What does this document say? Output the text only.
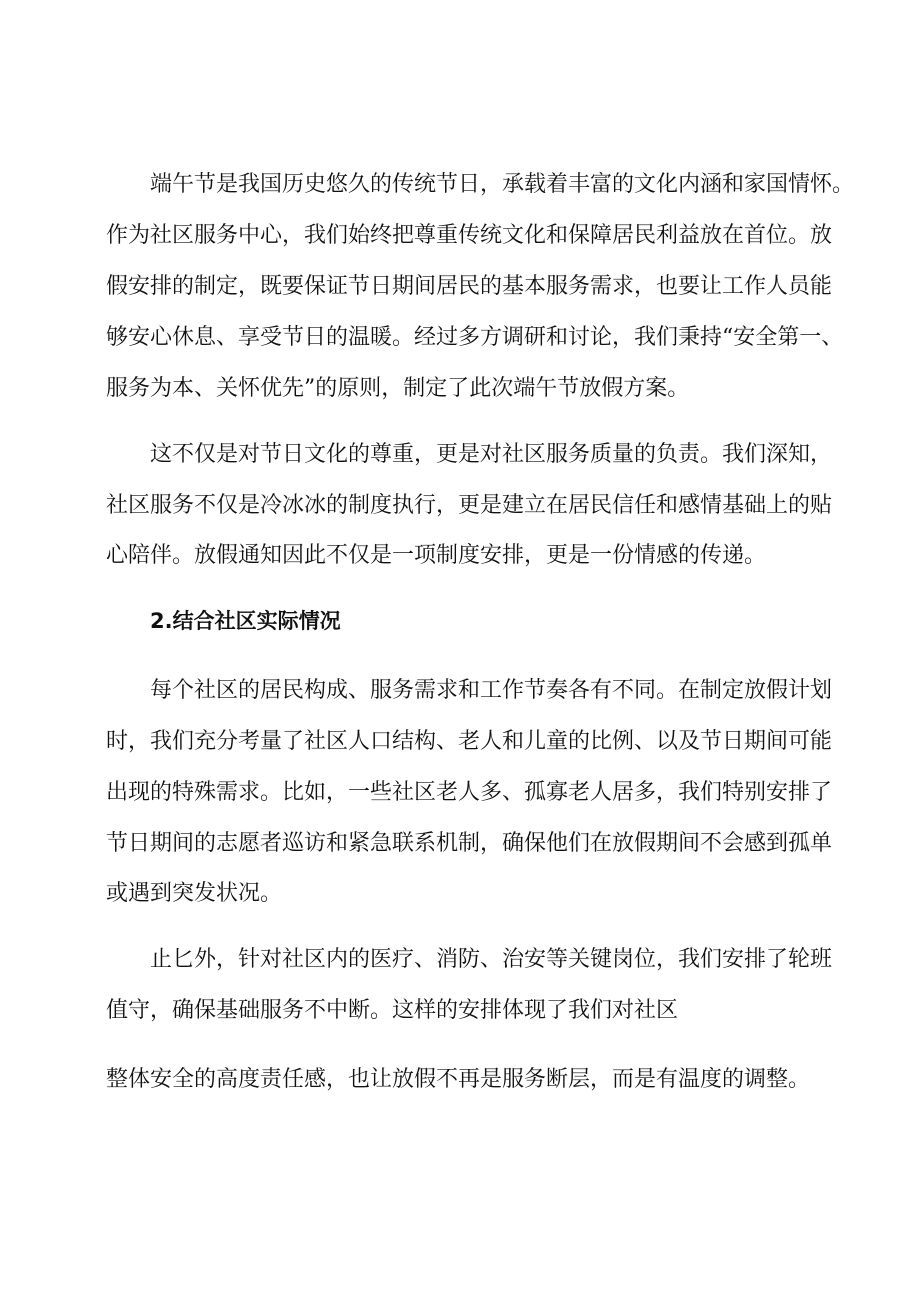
端午节是我国历史悠久的传统节日，承载着丰富的文化内涵和家国情怀。

作为社区服务中心，我们始终把尊重传统文化和保障居民利益放在首位。放

假安排的制定，既要保证节日期间居民的基本服务需求，也要让工作人员能

够安心休息、享受节日的温暖。经过多方调研和讨论，我们秉持“安全第一、

服务为本、关怀优先”的原则，制定了此次端午节放假方案。

这不仅是对节日文化的尊重，更是对社区服务质量的负责。我们深知，

社区服务不仅是冷冰冰的制度执行，更是建立在居民信任和感情基础上的贴

心陪伴。放假通知因此不仅是一项制度安排，更是一份情感的传递。

2.结合社区实际情况

每个社区的居民构成、服务需求和工作节奏各有不同。在制定放假计划

时，我们充分考量了社区人口结构、老人和儿童的比例、以及节日期间可能

出现的特殊需求。比如，一些社区老人多、孤寡老人居多，我们特别安排了

节日期间的志愿者巡访和紧急联系机制，确保他们在放假期间不会感到孤单

或遇到突发状况。

止匕外，针对社区内的医疗、消防、治安等关键岗位，我们安排了轮班

值守，确保基础服务不中断。这样的安排体现了我们对社区

整体安全的高度责任感，也让放假不再是服务断层，而是有温度的调整。
